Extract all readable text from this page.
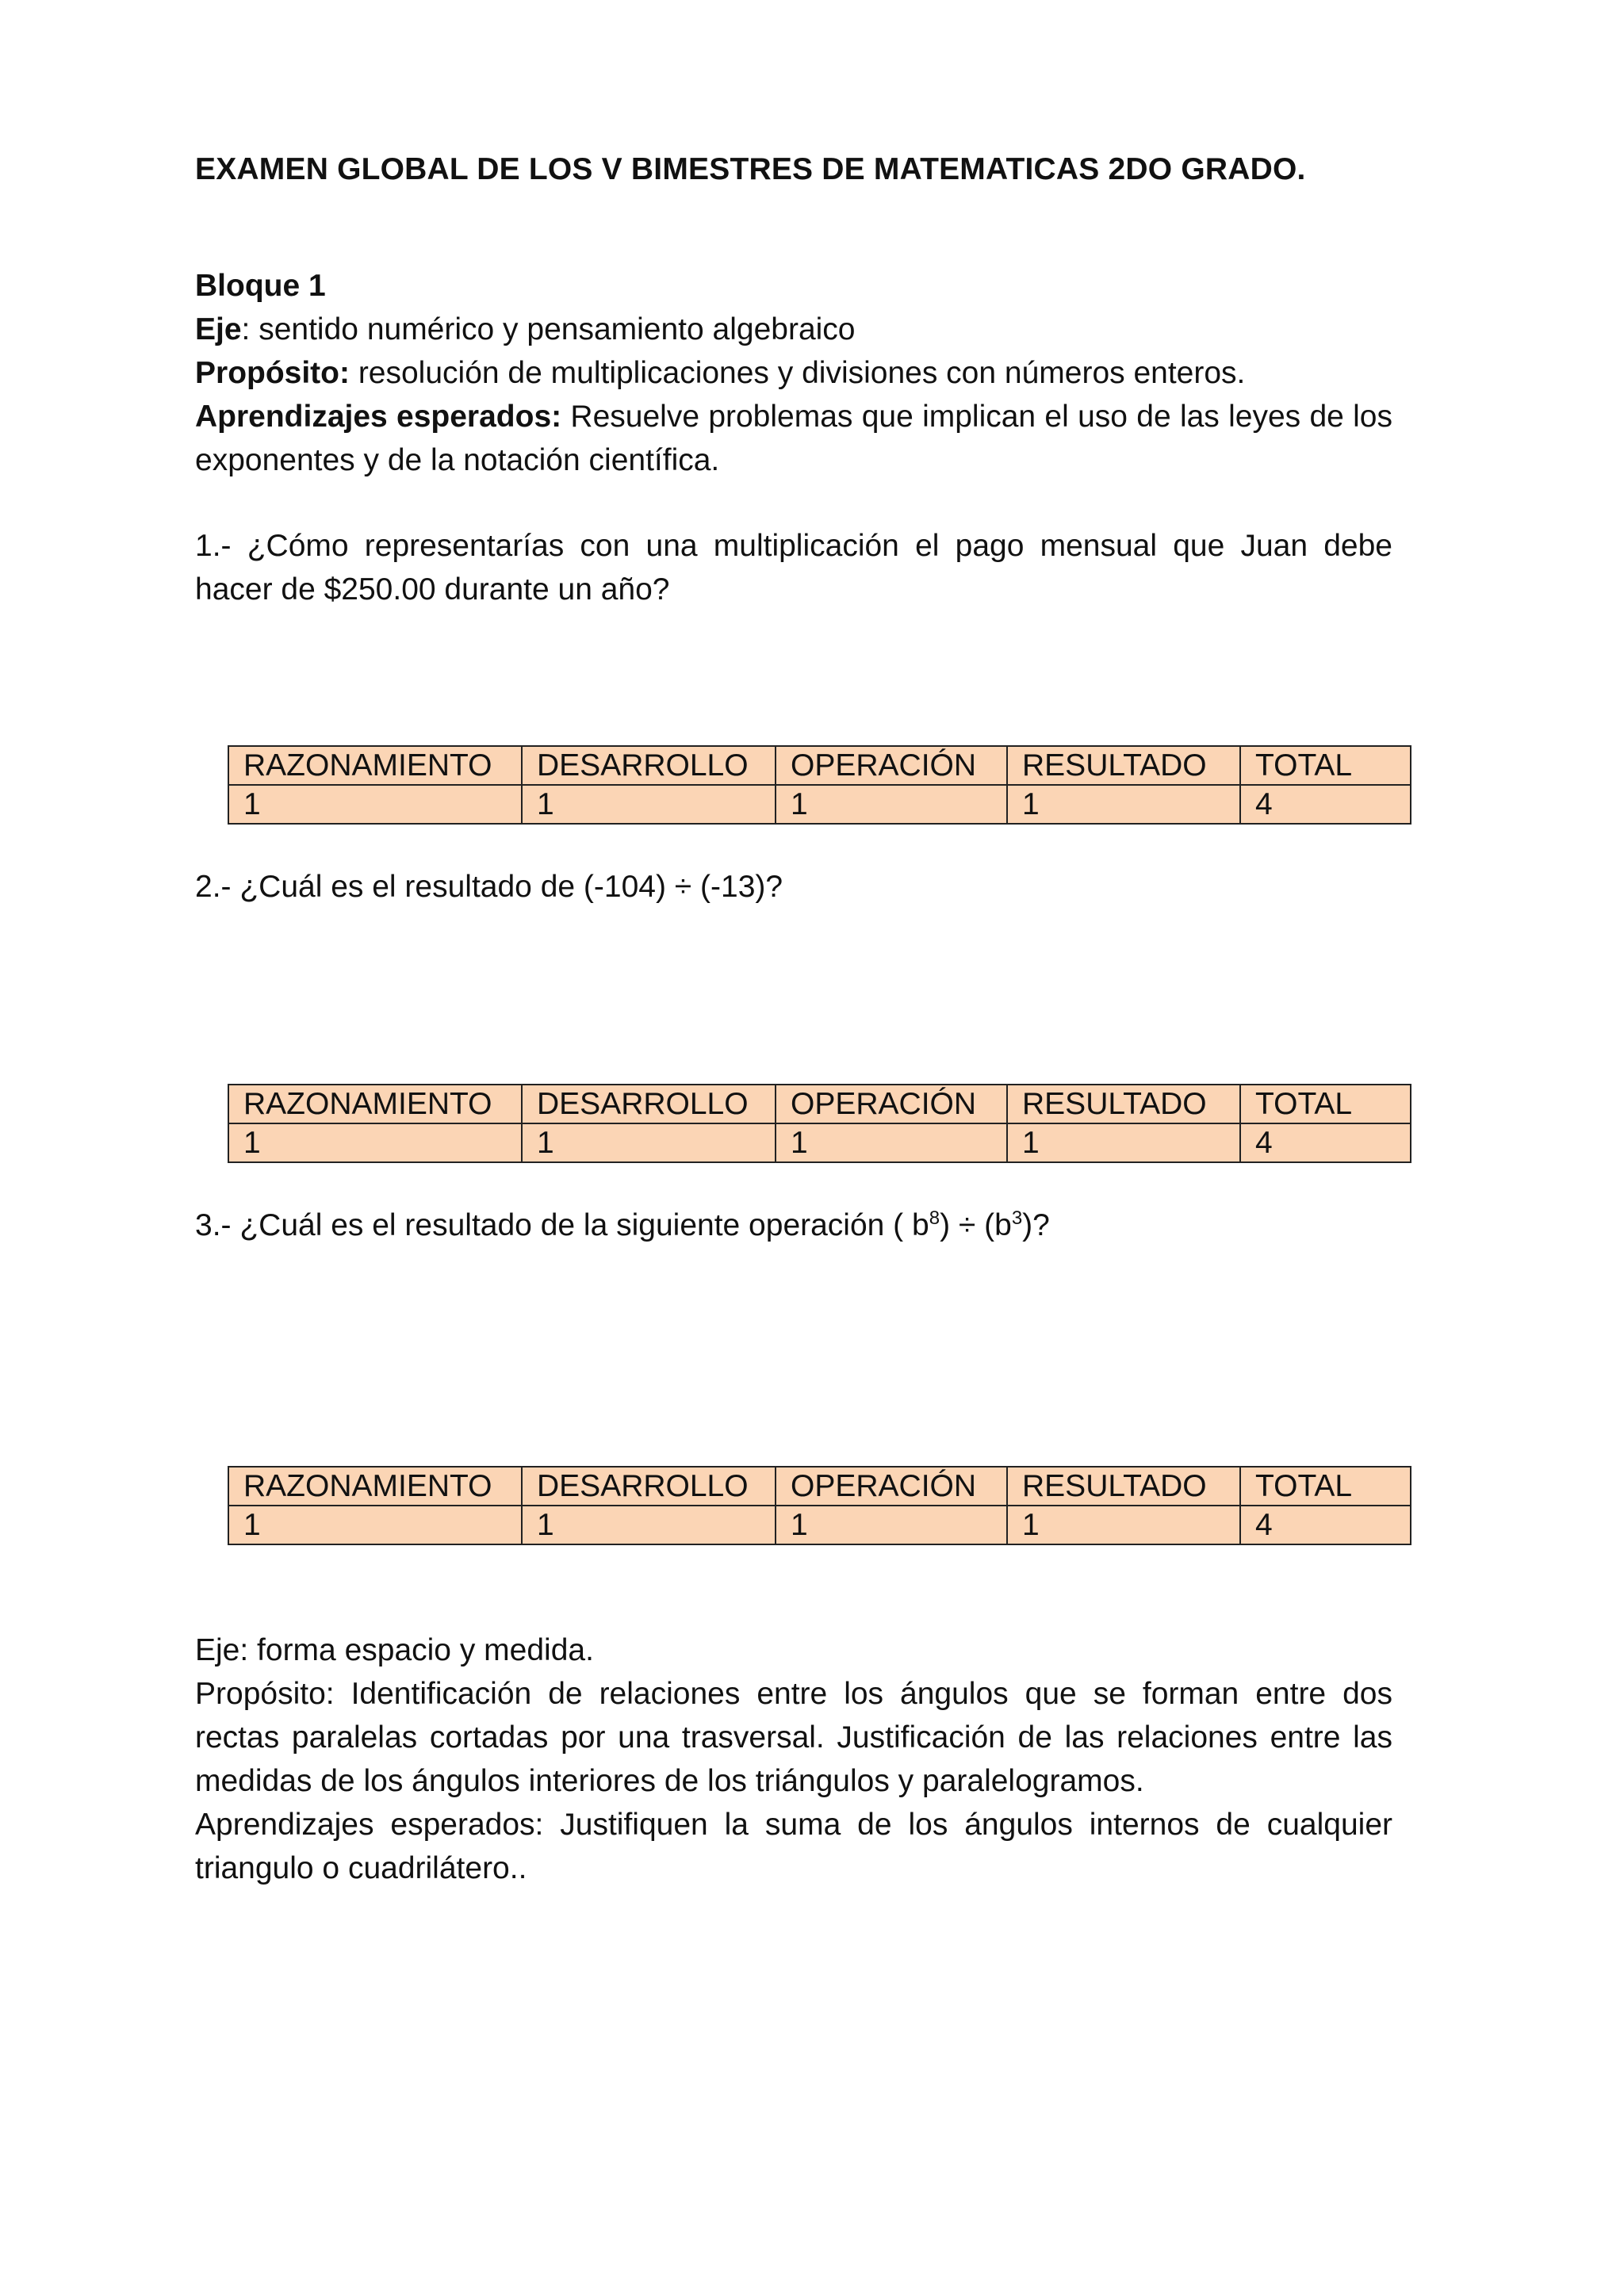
EXAMEN GLOBAL DE LOS V BIMESTRES DE MATEMATICAS 2DO GRADO.

Bloque 1

Eje: sentido numérico y pensamiento algebraico

Propósito: resolución de multiplicaciones y divisiones con números enteros.

Aprendizajes esperados: Resuelve problemas que implican el uso de las leyes de los exponentes y de la notación científica.

1.- ¿Cómo representarías con una multiplicación el pago mensual que Juan debe hacer de $250.00 durante un año?

RAZONAMIENTO	DESARROLLO	OPERACIÓN	RESULTADO	TOTAL
1	1	1	1	4

2.- ¿Cuál es el resultado de (-104) ÷ (-13)?

RAZONAMIENTO	DESARROLLO	OPERACIÓN	RESULTADO	TOTAL
1	1	1	1	4

3.- ¿Cuál es el resultado de la siguiente operación ( $b^8) \div (b^3)$?

RAZONAMIENTO	DESARROLLO	OPERACIÓN	RESULTADO	TOTAL
1	1	1	1	4

Eje: forma espacio y medida.

Propósito: Identificación de relaciones entre los ángulos que se forman entre dos rectas paralelas cortadas por una trasversal. Justificación de las relaciones entre las medidas de los ángulos interiores de los triángulos y paralelogramos.

Aprendizajes esperados: Justifiquen la suma de los ángulos internos de cualquier triangulo o cuadrilátero..
